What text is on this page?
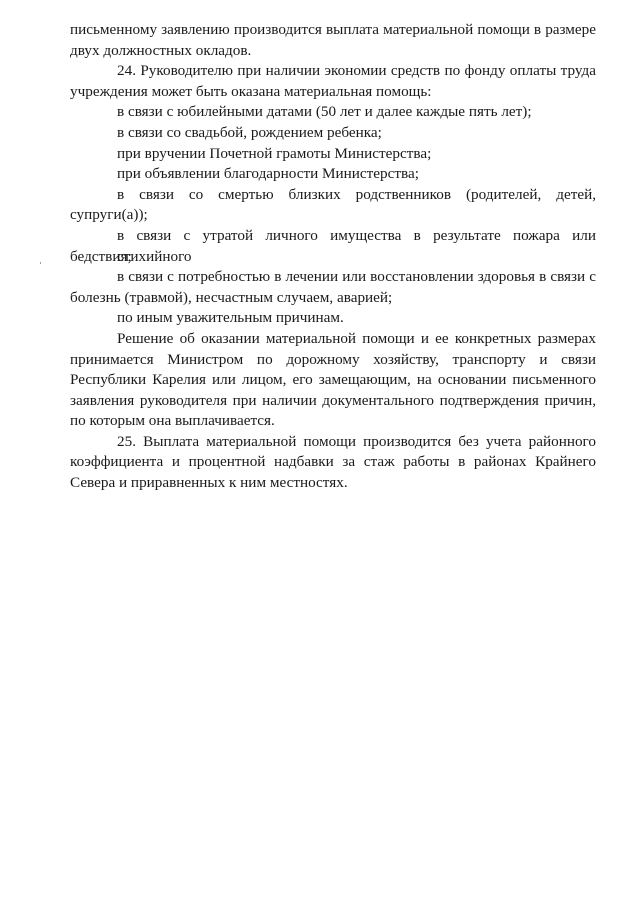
письменному заявлению производится выплата материальной помощи в размере
двух должностных окладов.
24. Руководителю при наличии экономии средств по фонду оплаты труда
учреждения может быть оказана материальная помощь:
в связи с юбилейными датами (50 лет и далее каждые пять лет);
в связи со свадьбой, рождением ребенка;
при вручении Почетной грамоты Министерства;
при объявлении благодарности Министерства;
в связи со смертью близких родственников (родителей, детей,
супруги(а));
в связи с утратой личного имущества в результате пожара или стихийного
бедствия;
в связи с потребностью в лечении или восстановлении здоровья в связи с
болезнь (травмой), несчастным случаем, аварией;
по иным уважительным причинам.
Решение об оказании материальной помощи и ее конкретных размерах
принимается Министром по дорожному хозяйству, транспорту и связи
Республики Карелия или лицом, его замещающим, на основании письменного
заявления руководителя при наличии документального подтверждения причин,
по которым она выплачивается.
25. Выплата материальной помощи производится без учета районного
коэффициента и процентной надбавки за стаж работы в районах Крайнего
Севера и приравненных к ним местностях.
